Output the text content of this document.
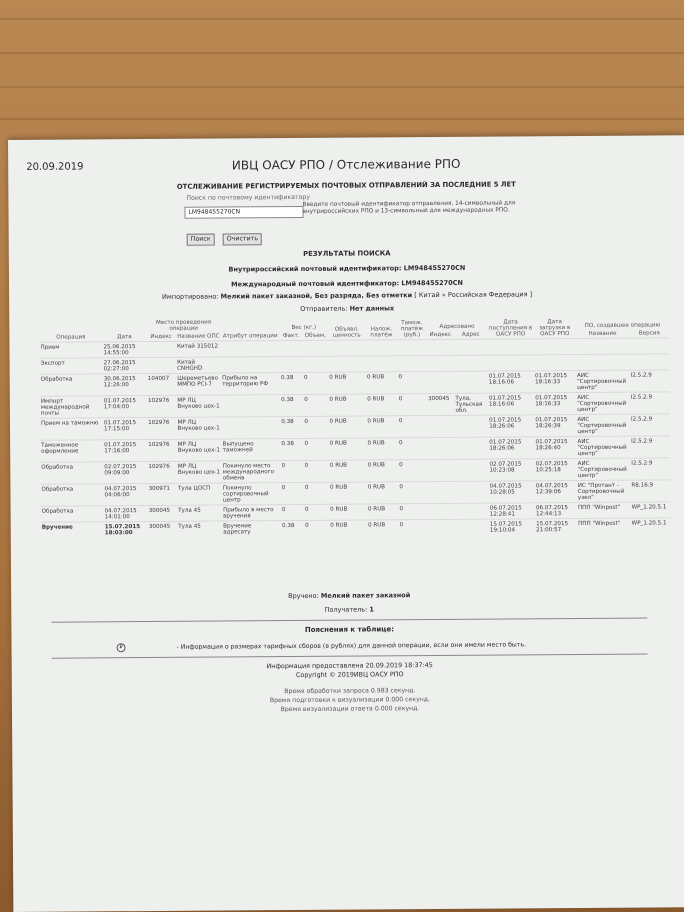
20.09.2019	ИВЦ ОАСУ РПО / Отслеживание РПО
ОТСЛЕЖИВАНИЕ РЕГИСТРИРУЕМЫХ ПОЧТОВЫХ ОТПРАВЛЕНИЙ ЗА ПОСЛЕДНИЕ 5 ЛЕТ
Поиск по почтовому идентификатору
LM948455270CN
Введите почтовый идентификатор отправления, 14-символьный для внутрироссийских РПО и 13-символьный для международных РПО.
Поиск	Очистить
РЕЗУЛЬТАТЫ ПОИСКА
Внутрироссийский почтовый идентификатор: LM948455270CN
Международный почтовый идентификатор: LM948455270CN
Импортировано: Мелкий пакет заказной, Без разряда, Без отметки [ Китай » Российская Федерация ]
Отправитель: Нет данных
Операция	Дата	Место проведения операции		Атрибут операции	Вес (кг.)		Объявл. ценность	Налож. платёж	Тамож. платёж (руб.)	Адресовано		Дата поступления в ОАСУ РПО	Дата загрузки в ОАСУ РПО	ПО, создавшее операцию	
		Индекс	Название ОПС		Факт.	Объем.				Индекс	Адрес			Название	Версия
Прием	25.06.2015 14:55:00		Китай 315012												
Экспорт	27.06.2015 02:27:00		Китай CNHGHD												
Обработка	30.06.2015 12:26:00	104007	Шереметьево ММПО PCI-7	Прибыло на территорию РФ	0.38	0	0 RUB	0 RUB	0			01.07.2015 18:16:06	01.07.2015 18:16:33	АИС "Сортировочный центр"	I2.5.2.9
Импорт международной почты	01.07.2015 17:04:00	102976	МР ЛЦ Внуково цех-1		0.38	0	0 RUB	0 RUB	0	300045	Тула, Тульская обл.	01.07.2015 18:16:06	01.07.2015 18:16:33	АИС "Сортировочный центр"	I2.5.2.9
Прием на таможню	01.07.2015 17:15:00	102976	МР ЛЦ Внуково цех-1		0.38	0	0 RUB	0 RUB	0			01.07.2015 18:26:06	01.07.2015 18:26:39	АИС "Сортировочный центр"	I2.5.2.9
Таможенное оформление	01.07.2015 17:16:00	102976	МР ЛЦ Внуково цех-1	Выпущено таможней	0.38	0	0 RUB	0 RUB	0			01.07.2015 18:26:06	01.07.2015 18:26:40	АИС "Сортировочный центр"	I2.5.2.9
Обработка	02.07.2015 09:09:00	102976	МР ЛЦ Внуково цех-1	Покинуло место международного обмена	0	0	0 RUB	0 RUB	0			02.07.2015 10:23:08	02.07.2015 10:25:18	АИС "Сортировочный центр"	I2.5.2.9
Обработка	04.07.2015 04:06:00	300971	Тула ЦОСП	Покинуло сортировочный центр	0	0	0 RUB	0 RUB	0			04.07.2015 10:28:05	04.07.2015 12:39:06	ИС "Протант - Сортировочный узел"	R8.16.9
Обработка	04.07.2015 14:01:00	300045	Тула 45	Прибыло в место вручения	0	0	0 RUB	0 RUB	0			06.07.2015 12:28:41	06.07.2015 12:44:13	ППП "Winpost"	WP_1.20.5.1
Вручение	15.07.2015 18:03:00	300045	Тула 45	Вручение адресату	0.38	0	0 RUB	0 RUB	0			15.07.2015 19:10:04	15.07.2015 21:00:57	ППП "Winpost"	WP_1.20.5.1
Вручено: Мелкий пакет заказной
Получатель: 1
Пояснения к таблице:
₽	- Информация о размерах тарифных сборов (в рублях) для данной операции, если они имели место быть.
Информация предоставлена 20.09.2019 18:37:45
Copyright © 2019ИВЦ ОАСУ РПО
Время обработки запроса 0.983 секунд.
Время подготовки к визуализации 0.000 секунд.
Время визуализации ответа 0.000 секунд.
